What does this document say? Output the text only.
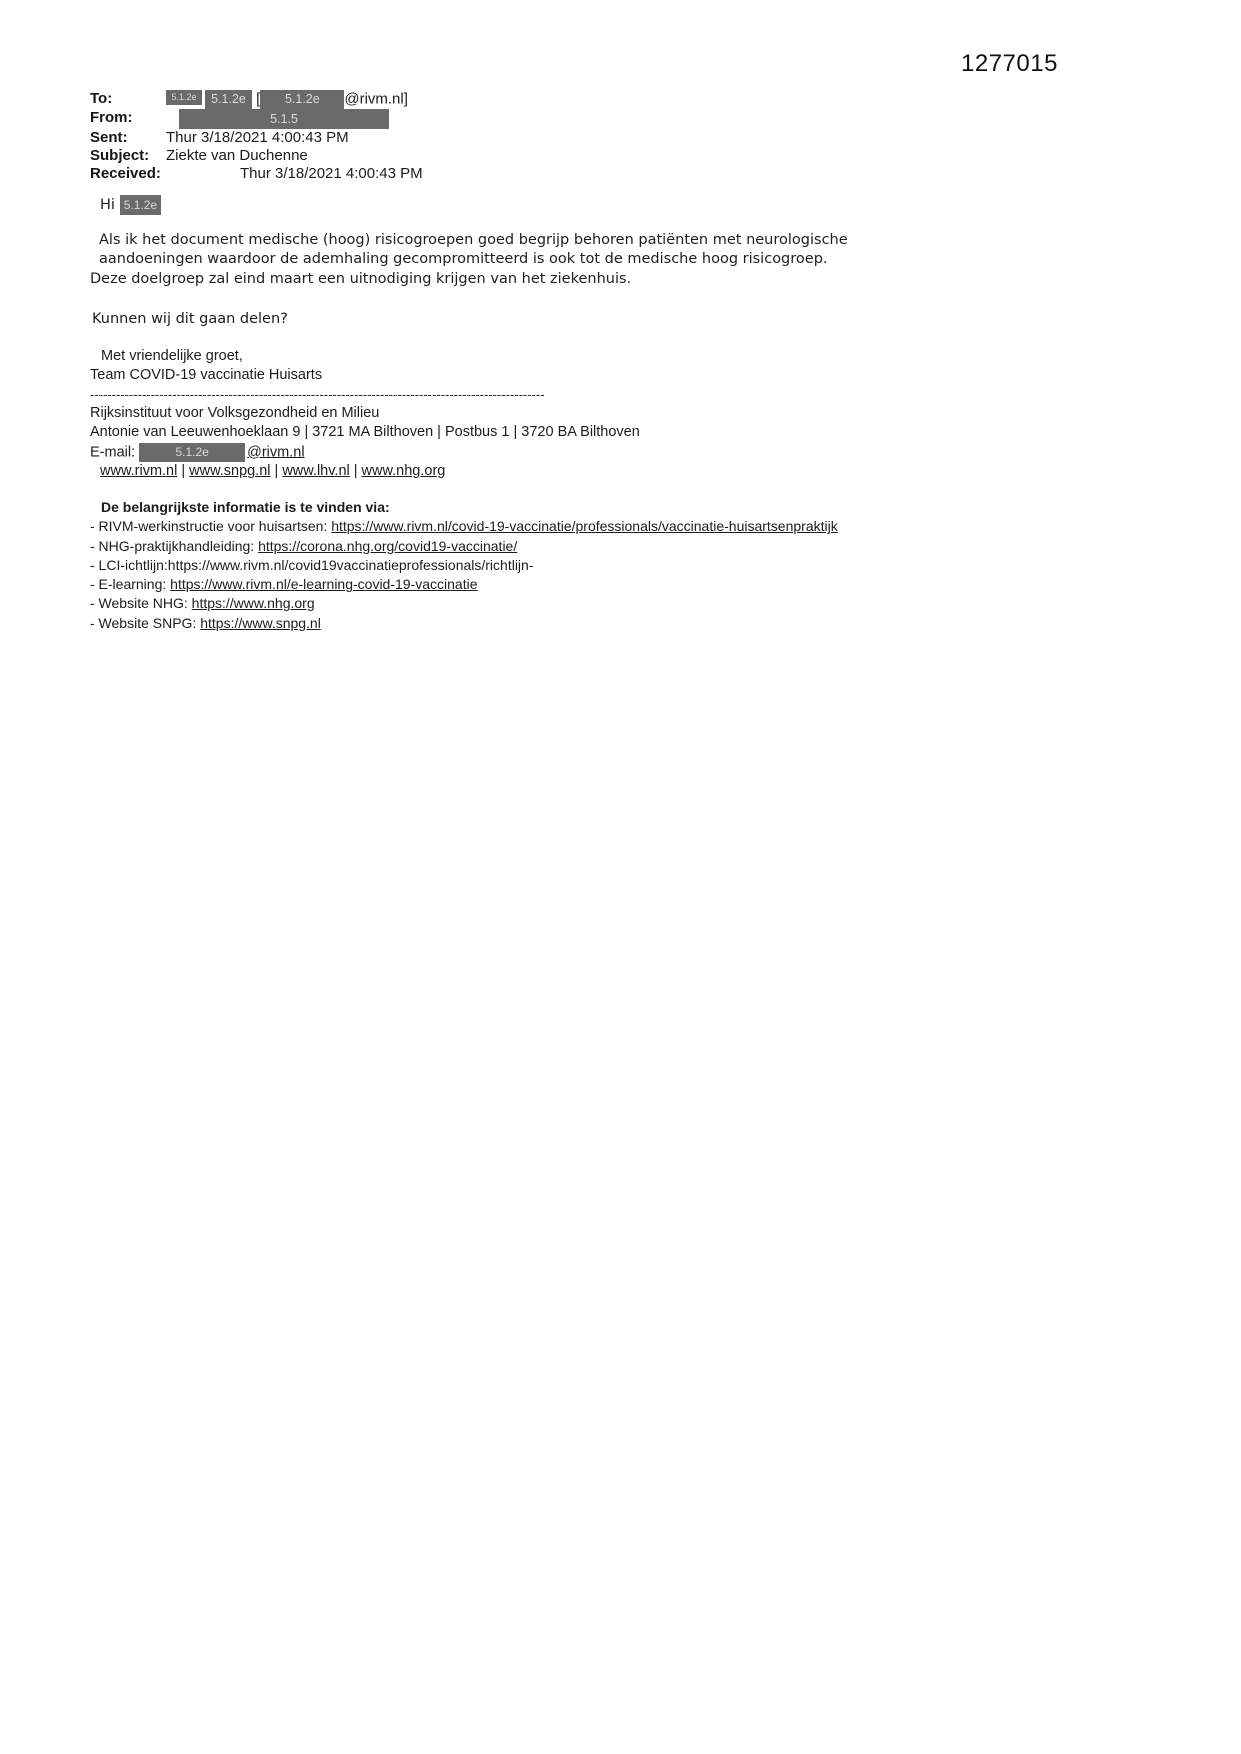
1277015
To:	5.1.2e 5.1.2e [ 5.1.2e @rivm.nl]
From:	5.1.5
Sent:	Thur 3/18/2021 4:00:43 PM
Subject:	Ziekte van Duchenne
Received:	Thur 3/18/2021 4:00:43 PM
Hi 5.1.2e
Als ik het document medische (hoog) risicogroepen goed begrijp behoren patiënten met neurologische
aandoeningen waardoor de ademhaling gecompromitteerd is ook tot de medische hoog risicogroep.
Deze doelgroep zal eind maart een uitnodiging krijgen van het ziekenhuis.
Kunnen wij dit gaan delen?
Met vriendelijke groet,
Team COVID-19 vaccinatie Huisarts
---------------------------------------------------------------------------------------------------------
Rijksinstituut voor Volksgezondheid en Milieu
Antonie van Leeuwenhoeklaan 9 | 3721 MA Bilthoven | Postbus 1 | 3720 BA Bilthoven
E-mail:	5.1.2e	@rivm.nl
www.rivm.nl | www.snpg.nl | www.lhv.nl | www.nhg.org
De belangrijkste informatie is te vinden via:
- RIVM-werkinstructie voor huisartsen: https://www.rivm.nl/covid-19-vaccinatie/professionals/vaccinatie-huisartsenpraktijk
- NHG-praktijkhandleiding: https://corona.nhg.org/covid19-vaccinatie/
- LCI-ichtlijn:https://www.rivm.nl/covid19vaccinatieprofessionals/richtlijn-
- E-learning: https://www.rivm.nl/e-learning-covid-19-vaccinatie
- Website NHG: https://www.nhg.org
- Website SNPG: https://www.snpg.nl
